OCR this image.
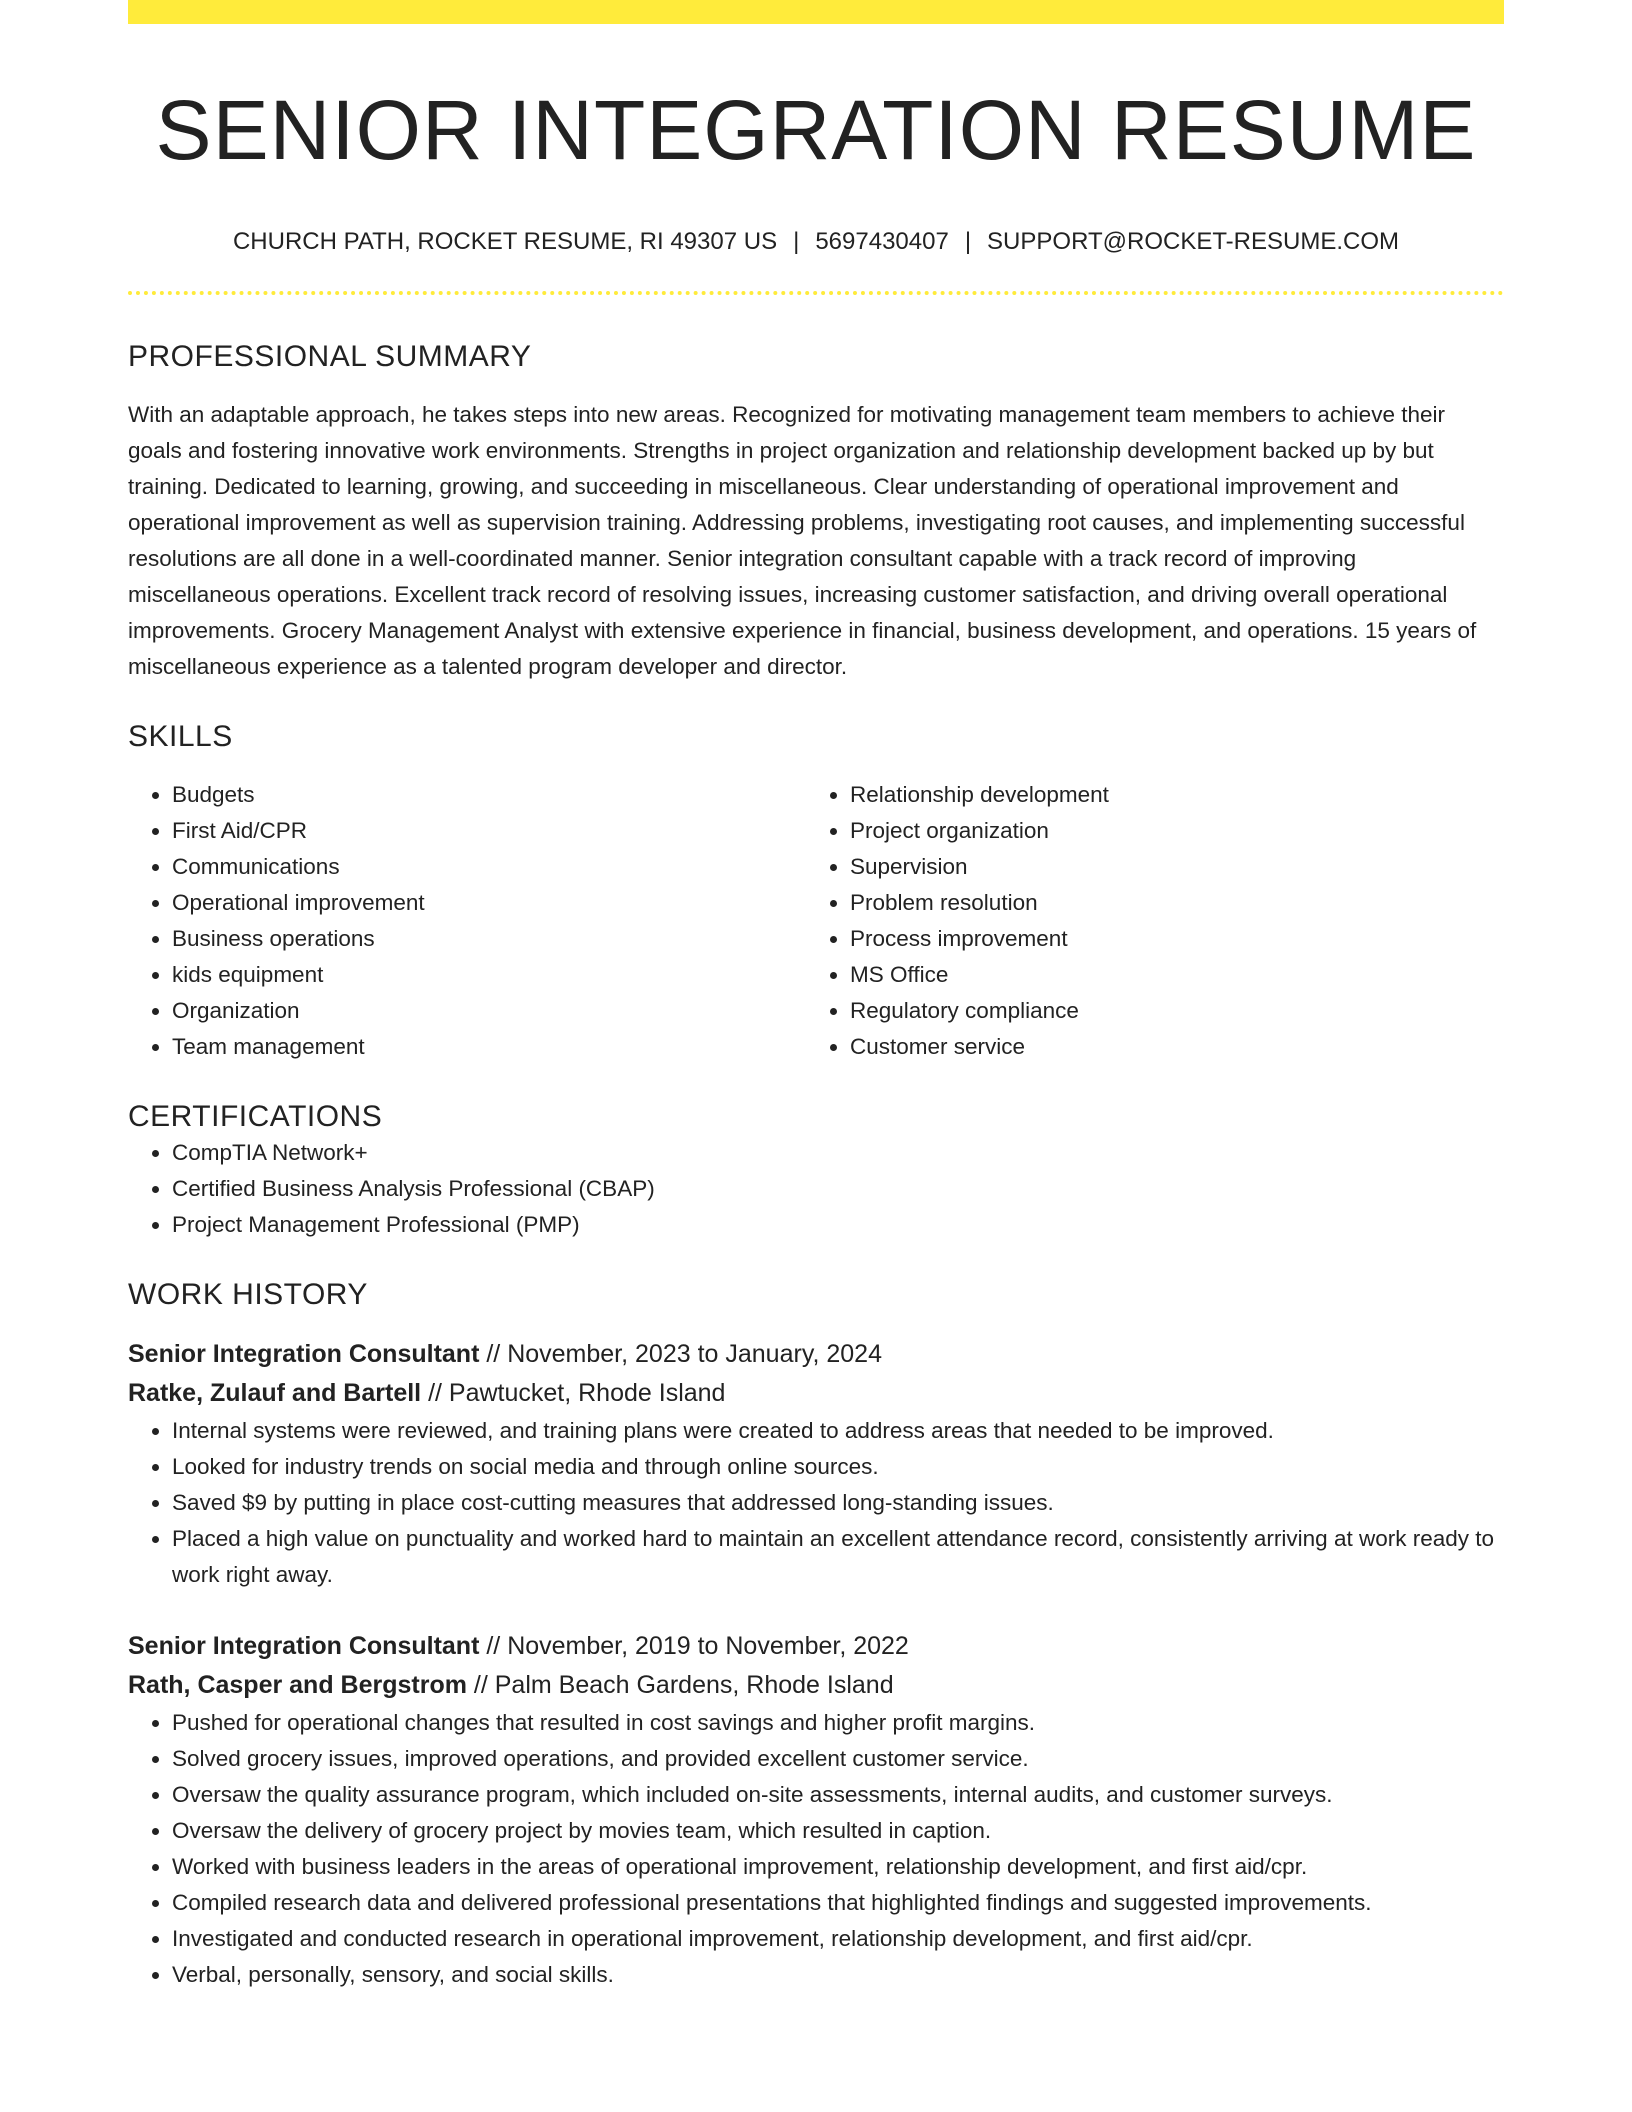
SENIOR INTEGRATION RESUME
CHURCH PATH, ROCKET RESUME, RI 49307 US | 5697430407 | SUPPORT@ROCKET-RESUME.COM
PROFESSIONAL SUMMARY
With an adaptable approach, he takes steps into new areas. Recognized for motivating management team members to achieve their goals and fostering innovative work environments. Strengths in project organization and relationship development backed up by but training. Dedicated to learning, growing, and succeeding in miscellaneous. Clear understanding of operational improvement and operational improvement as well as supervision training. Addressing problems, investigating root causes, and implementing successful resolutions are all done in a well-coordinated manner. Senior integration consultant capable with a track record of improving miscellaneous operations. Excellent track record of resolving issues, increasing customer satisfaction, and driving overall operational improvements. Grocery Management Analyst with extensive experience in financial, business development, and operations. 15 years of miscellaneous experience as a talented program developer and director.
SKILLS
• Budgets
• First Aid/CPR
• Communications
• Operational improvement
• Business operations
• kids equipment
• Organization
• Team management
• Relationship development
• Project organization
• Supervision
• Problem resolution
• Process improvement
• MS Office
• Regulatory compliance
• Customer service
CERTIFICATIONS
• CompTIA Network+
• Certified Business Analysis Professional (CBAP)
• Project Management Professional (PMP)
WORK HISTORY
Senior Integration Consultant // November, 2023 to January, 2024
Ratke, Zulauf and Bartell // Pawtucket, Rhode Island
• Internal systems were reviewed, and training plans were created to address areas that needed to be improved.
• Looked for industry trends on social media and through online sources.
• Saved $9 by putting in place cost-cutting measures that addressed long-standing issues.
• Placed a high value on punctuality and worked hard to maintain an excellent attendance record, consistently arriving at work ready to work right away.
Senior Integration Consultant // November, 2019 to November, 2022
Rath, Casper and Bergstrom // Palm Beach Gardens, Rhode Island
• Pushed for operational changes that resulted in cost savings and higher profit margins.
• Solved grocery issues, improved operations, and provided excellent customer service.
• Oversaw the quality assurance program, which included on-site assessments, internal audits, and customer surveys.
• Oversaw the delivery of grocery project by movies team, which resulted in caption.
• Worked with business leaders in the areas of operational improvement, relationship development, and first aid/cpr.
• Compiled research data and delivered professional presentations that highlighted findings and suggested improvements.
• Investigated and conducted research in operational improvement, relationship development, and first aid/cpr.
• Verbal, personally, sensory, and social skills.
